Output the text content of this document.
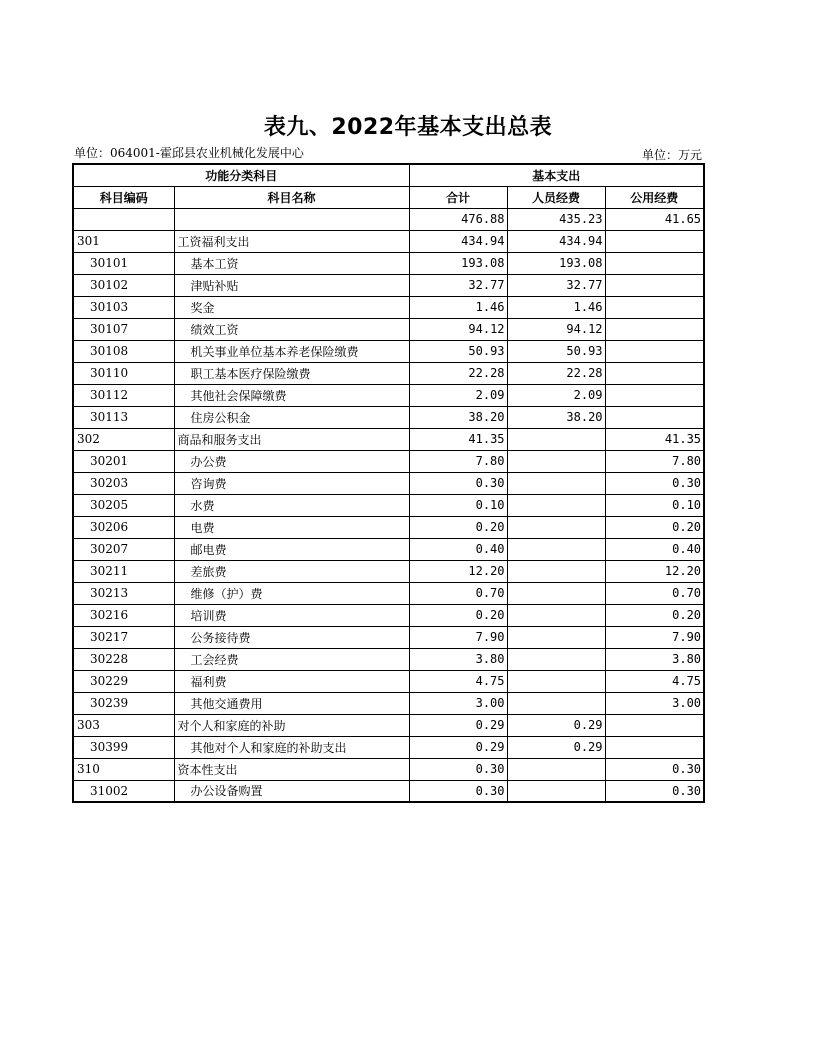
表九、2022年基本支出总表
单位：064001-霍邱县农业机械化发展中心	单位：万元
功能分类科目		基本支出		
科目编码	科目名称	合计	人员经费	公用经费
		476.88	435.23	41.65
301	工资福利支出	434.94	434.94	
30101	基本工资	193.08	193.08	
30102	津贴补贴	32.77	32.77	
30103	奖金	1.46	1.46	
30107	绩效工资	94.12	94.12	
30108	机关事业单位基本养老保险缴费	50.93	50.93	
30110	职工基本医疗保险缴费	22.28	22.28	
30112	其他社会保障缴费	2.09	2.09	
30113	住房公积金	38.20	38.20	
302	商品和服务支出	41.35		41.35
30201	办公费	7.80		7.80
30203	咨询费	0.30		0.30
30205	水费	0.10		0.10
30206	电费	0.20		0.20
30207	邮电费	0.40		0.40
30211	差旅费	12.20		12.20
30213	维修（护）费	0.70		0.70
30216	培训费	0.20		0.20
30217	公务接待费	7.90		7.90
30228	工会经费	3.80		3.80
30229	福利费	4.75		4.75
30239	其他交通费用	3.00		3.00
303	对个人和家庭的补助	0.29	0.29	
30399	其他对个人和家庭的补助支出	0.29	0.29	
310	资本性支出	0.30		0.30
31002	办公设备购置	0.30		0.30
